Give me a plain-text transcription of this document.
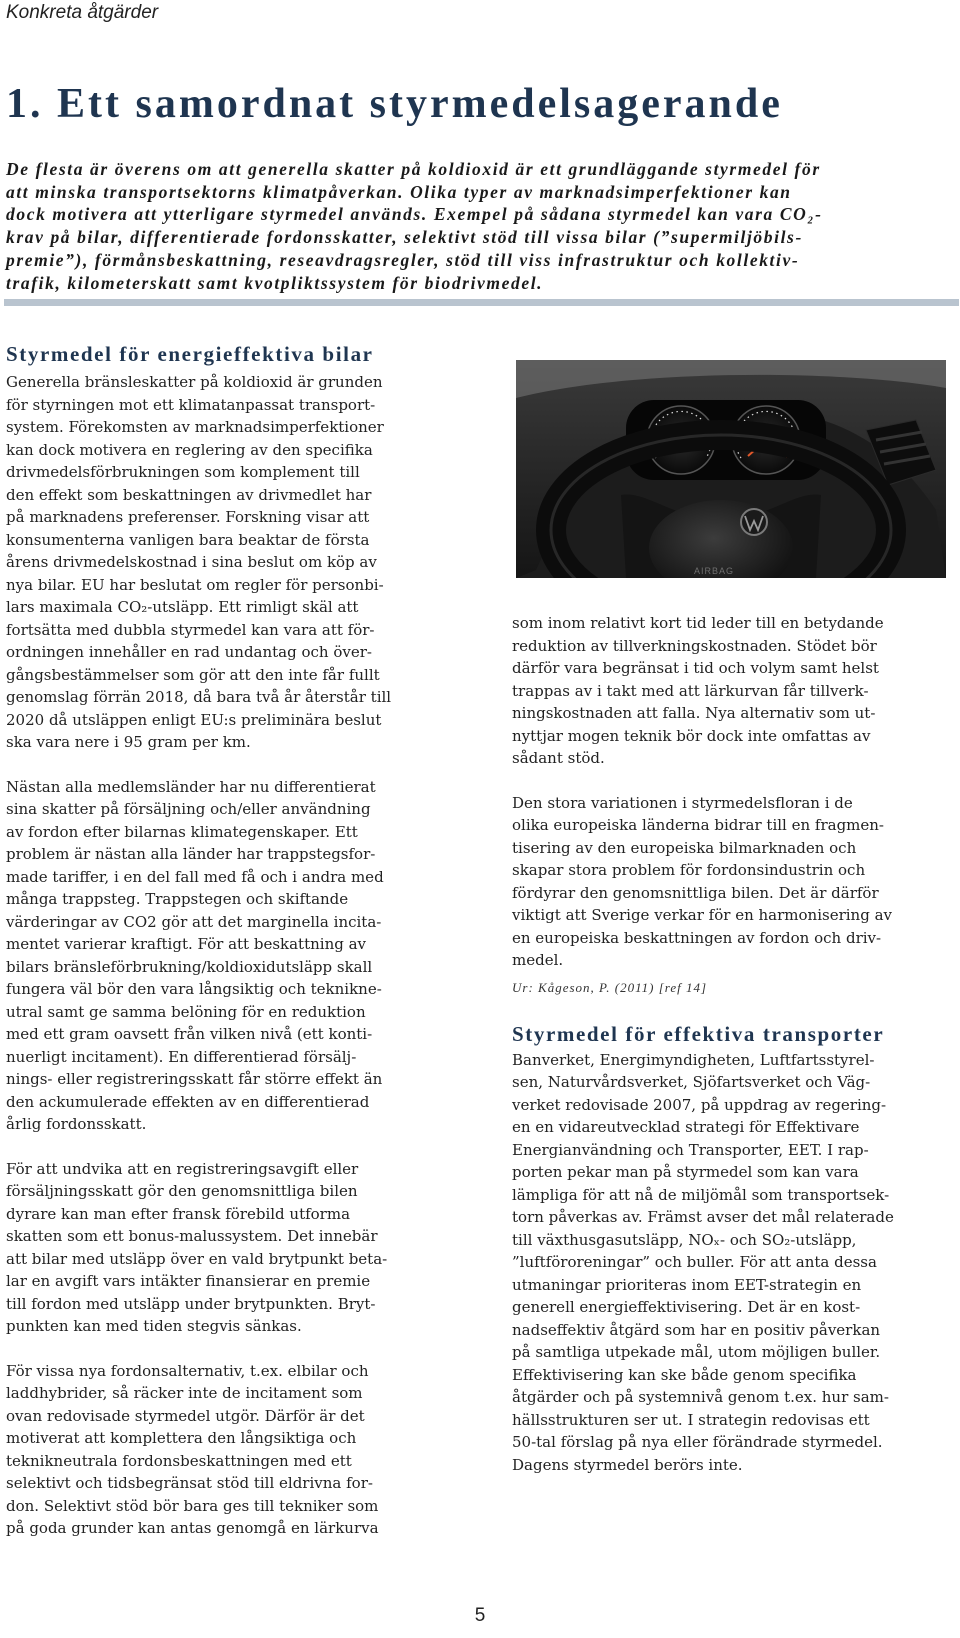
Konkreta åtgärder
1. Ett samordnat styrmedelsagerande

De flesta är överens om att generella skatter på koldioxid är ett grundläggande styrmedel för
att minska transportsektorns klimatpåverkan. Olika typer av marknadsimperfektioner kan
dock motivera att ytterligare styrmedel används. Exempel på sådana styrmedel kan vara CO₂-
krav på bilar, differentierade fordonsskatter, selektivt stöd till vissa bilar (”supermiljöbils-
premie”), förmånsbeskattning, reseavdragsregler, stöd till viss infrastruktur och kollektiv-
trafik, kilometerskatt samt kvotpliktssystem för biodrivmedel.

Styrmedel för energieffektiva bilar

Generella bränsleskatter på koldioxid är grunden
för styrningen mot ett klimatanpassat transport-
system. Förekomsten av marknadsimperfektioner
kan dock motivera en reglering av den specifika
drivmedelsförbrukningen som komplement till
den effekt som beskattningen av drivmedlet har
på marknadens preferenser. Forskning visar att
konsumenterna vanligen bara beaktar de första
årens drivmedelskostnad i sina beslut om köp av
nya bilar. EU har beslutat om regler för personbi-
lars maximala CO₂-utsläpp. Ett rimligt skäl att
fortsätta med dubbla styrmedel kan vara att för-
ordningen innehåller en rad undantag och över-
gångsbestämmelser som gör att den inte får fullt
genomslag förrän 2018, då bara två år återstår till
2020 då utsläppen enligt EU:s preliminära beslut
ska vara nere i 95 gram per km.

Nästan alla medlemsländer har nu differentierat
sina skatter på försäljning och/eller användning
av fordon efter bilarnas klimategenskaper. Ett
problem är nästan alla länder har trappstegsfor-
made tariffer, i en del fall med få och i andra med
många trappsteg. Trappstegen och skiftande
värderingar av CO2 gör att det marginella incita-
mentet varierar kraftigt. För att beskattning av
bilars bränsleförbrukning/koldioxidutsläpp skall
fungera väl bör den vara långsiktig och teknikne-
utral samt ge samma belöning för en reduktion
med ett gram oavsett från vilken nivå (ett konti-
nuerligt incitament). En differentierad försälj-
nings- eller registreringsskatt får större effekt än
den ackumulerade effekten av en differentierad
årlig fordonsskatt.

För att undvika att en registreringsavgift eller
försäljningsskatt gör den genomsnittliga bilen
dyrare kan man efter fransk förebild utforma
skatten som ett bonus-malussystem. Det innebär
att bilar med utsläpp över en vald brytpunkt beta-
lar en avgift vars intäkter finansierar en premie
till fordon med utsläpp under brytpunkten. Bryt-
punkten kan med tiden stegvis sänkas.

För vissa nya fordonsalternativ, t.ex. elbilar och
laddhybrider, så räcker inte de incitament som
ovan redovisade styrmedel utgör. Därför är det
motiverat att komplettera den långsiktiga och
teknikneutrala fordonsbeskattningen med ett
selektivt och tidsbegränsat stöd till eldrivna for-
don. Selektivt stöd bör bara ges till tekniker som
på goda grunder kan antas genomgå en lärkurva

AIRBAG

som inom relativt kort tid leder till en betydande
reduktion av tillverkningskostnaden. Stödet bör
därför vara begränsat i tid och volym samt helst
trappas av i takt med att lärkurvan får tillverk-
ningskostnaden att falla. Nya alternativ som ut-
nyttjar mogen teknik bör dock inte omfattas av
sådant stöd.

Den stora variationen i styrmedelsfloran i de
olika europeiska länderna bidrar till en fragmen-
tisering av den europeiska bilmarknaden och
skapar stora problem för fordonsindustrin och
fördyrar den genomsnittliga bilen. Det är därför
viktigt att Sverige verkar för en harmonisering av
en europeiska beskattningen av fordon och driv-
medel.

Ur: Kågeson, P. (2011) [ref 14]

Styrmedel för effektiva transporter

Banverket, Energimyndigheten, Luftfartsstyrel-
sen, Naturvårdsverket, Sjöfartsverket och Väg-
verket redovisade 2007, på uppdrag av regering-
en en vidareutvecklad strategi för Effektivare
Energianvändning och Transporter, EET. I rap-
porten pekar man på styrmedel som kan vara
lämpliga för att nå de miljömål som transportsek-
torn påverkas av. Främst avser det mål relaterade
till växthusgasutsläpp, NOₓ- och SO₂-utsläpp,
”luftföroreningar” och buller. För att anta dessa
utmaningar prioriteras inom EET-strategin en
generell energieffektivisering. Det är en kost-
nadseffektiv åtgärd som har en positiv påverkan
på samtliga utpekade mål, utom möjligen buller.
Effektivisering kan ske både genom specifika
åtgärder och på systemnivå genom t.ex. hur sam-
hällsstrukturen ser ut. I strategin redovisas ett
50-tal förslag på nya eller förändrade styrmedel.
Dagens styrmedel berörs inte.

5
